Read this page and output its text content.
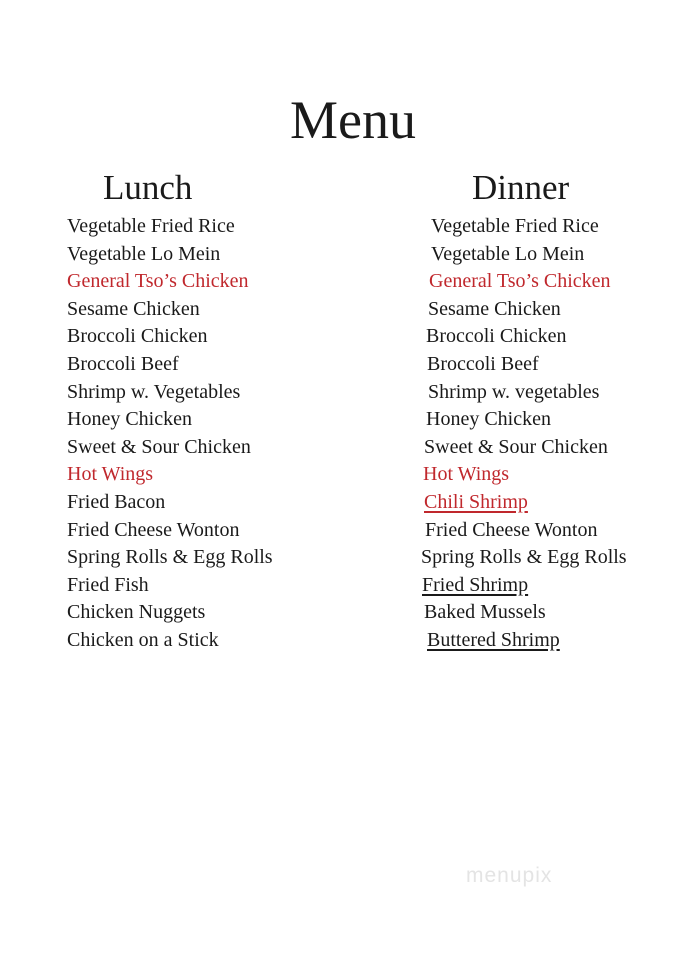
Menu
Lunch	Dinner
Vegetable Fried Rice
Vegetable Lo Mein
General Tso’s Chicken
Sesame Chicken
Broccoli Chicken
Broccoli Beef
Shrimp w. Vegetables
Honey Chicken
Sweet & Sour Chicken
Hot Wings
Fried Bacon
Fried Cheese Wonton
Spring Rolls & Egg Rolls
Fried Fish
Chicken Nuggets
Chicken on a Stick
Vegetable Fried Rice
Vegetable Lo Mein
General Tso’s Chicken
Sesame Chicken
Broccoli Chicken
Broccoli Beef
Shrimp w. vegetables
Honey Chicken
Sweet & Sour Chicken
Hot Wings
Chili Shrimp
Fried Cheese Wonton
Spring Rolls & Egg Rolls
Fried Shrimp
Baked Mussels
Buttered Shrimp
menupix
